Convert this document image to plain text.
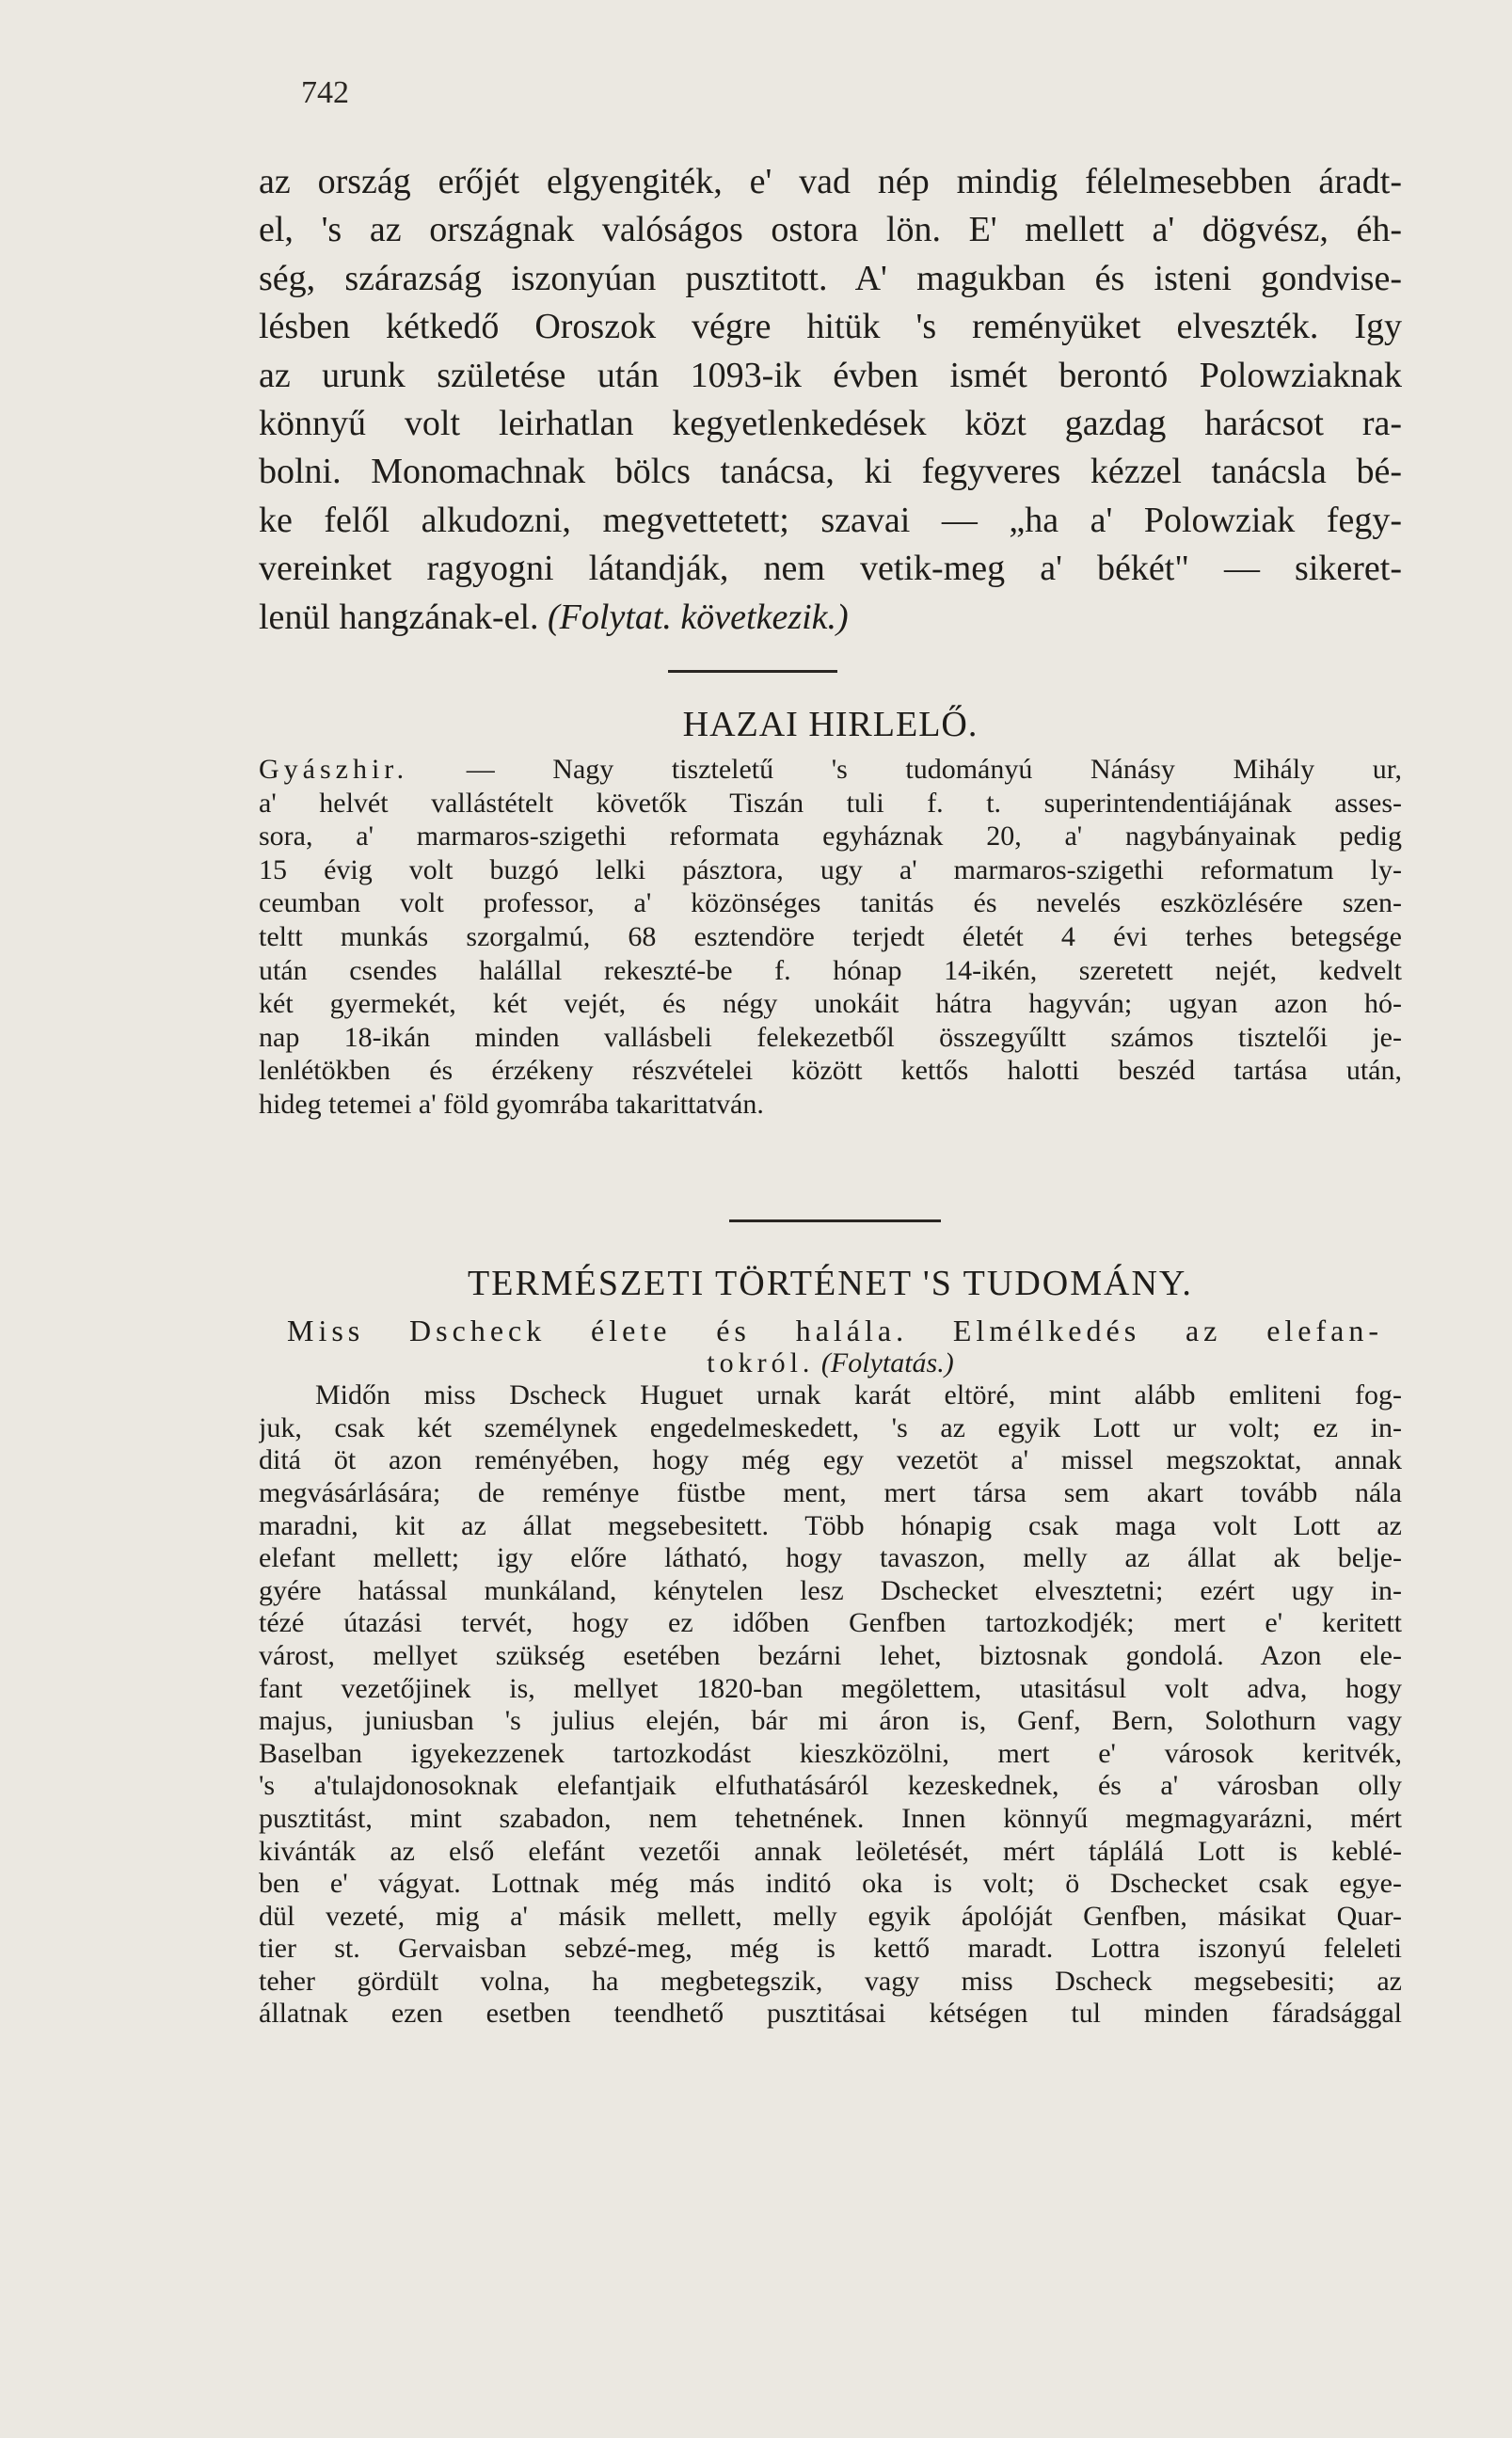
742
az ország erőjét elgyengiték, e' vad nép mindig félelmesebben áradt-
el, 's az országnak valóságos ostora lön. E' mellett a' dögvész, éh-
ség, szárazság iszonyúan pusztitott. A' magukban és isteni gondvise-
lésben kétkedő Oroszok végre hitük 's reményüket elveszték. Igy
az urunk születése után 1093-ik évben ismét berontó Polowziaknak
könnyű volt leirhatlan kegyetlenkedések közt gazdag harácsot ra-
bolni. Monomachnak bölcs tanácsa, ki fegyveres kézzel tanácsla bé-
ke felől alkudozni, megvettetett; szavai — „ha a' Polowziak fegy-
vereinket ragyogni látandják, nem vetik-meg a' békét" — sikeret-
lenül hangzának-el. (Folytat. következik.)
HAZAI HIRLELŐ.
Gyászhir. — Nagy tiszteletű 's tudományú Nánásy Mihály ur,
a' helvét vallástételt követők Tiszán tuli f. t. superintendentiájának asses-
sora, a' marmaros-szigethi reformata egyháznak 20, a' nagybányainak pedig
15 évig volt buzgó lelki pásztora, ugy a' marmaros-szigethi reformatum ly-
ceumban volt professor, a' közönséges tanitás és nevelés eszközlésére szen-
teltt munkás szorgalmú, 68 esztendöre terjedt életét 4 évi terhes betegsége
után csendes halállal rekeszté-be f. hónap 14-ikén, szeretett nejét, kedvelt
két gyermekét, két vejét, és négy unokáit hátra hagyván; ugyan azon hó-
nap 18-ikán minden vallásbeli felekezetből összegyűltt számos tisztelői je-
lenlétökben és érzékeny részvételei között kettős halotti beszéd tartása után,
hideg tetemei a' föld gyomrába takarittatván.
TERMÉSZETI TÖRTÉNET 'S TUDOMÁNY.
Miss Dscheck élete és halála. Elmélkedés az elefan-
tokról. (Folytatás.)
Midőn miss Dscheck Huguet urnak karát eltöré, mint alább emliteni fog-
juk, csak két személynek engedelmeskedett, 's az egyik Lott ur volt; ez in-
ditá öt azon reményében, hogy még egy vezetöt a' missel megszoktat, annak
megvásárlására; de reménye füstbe ment, mert társa sem akart tovább nála
maradni, kit az állat megsebesitett. Több hónapig csak maga volt Lott az
elefant mellett; igy előre látható, hogy tavaszon, melly az állat ak belje-
gyére hatással munkáland, kénytelen lesz Dschecket elvesztetni; ezért ugy in-
tézé útazási tervét, hogy ez időben Genfben tartozkodjék; mert e' keritett
várost, mellyet szükség esetében bezárni lehet, biztosnak gondolá. Azon ele-
fant vezetőjinek is, mellyet 1820-ban megölettem, utasitásul volt adva, hogy
majus, juniusban 's julius elején, bár mi áron is, Genf, Bern, Solothurn vagy
Baselban igyekezzenek tartozkodást kieszközölni, mert e' városok keritvék,
's a'tulajdonosoknak elefantjaik elfuthatásáról kezeskednek, és a' városban olly
pusztitást, mint szabadon, nem tehetnének. Innen könnyű megmagyarázni, mért
kivánták az első elefánt vezetői annak leöletését, mért táplálá Lott is keblé-
ben e' vágyat. Lottnak még más inditó oka is volt; ö Dschecket csak egye-
dül vezeté, mig a' másik mellett, melly egyik ápolóját Genfben, másikat Quar-
tier st. Gervaisban sebzé-meg, még is kettő maradt. Lottra iszonyú feleleti
teher gördült volna, ha megbetegszik, vagy miss Dscheck megsebesiti; az
állatnak ezen esetben teendhető pusztitásai kétségen tul minden fáradsággal
